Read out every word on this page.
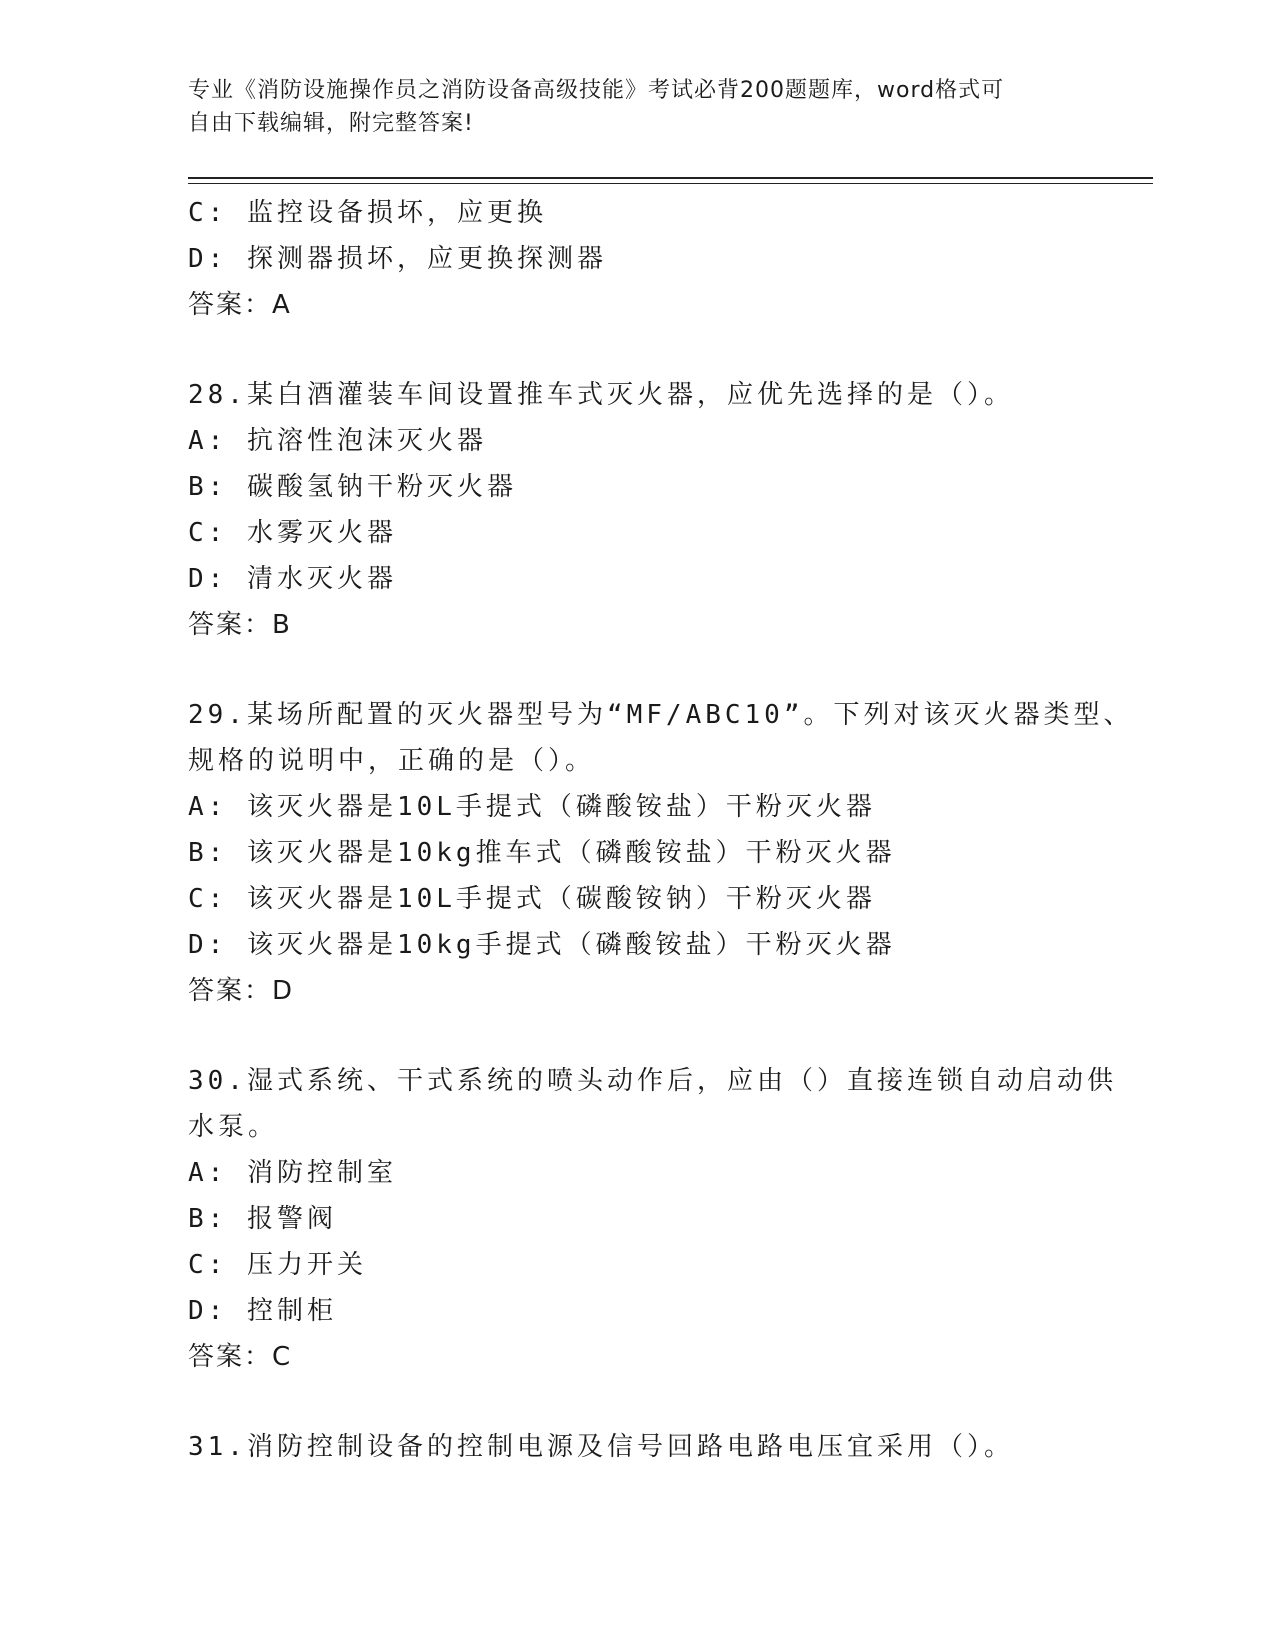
专业《消防设施操作员之消防设备高级技能》考试必背200题题库，word格式可
自由下载编辑，附完整答案!

C: 监控设备损坏，应更换

D: 探测器损坏，应更换探测器

答案：A

28.某白酒灌装车间设置推车式灭火器，应优先选择的是（）。

A: 抗溶性泡沫灭火器

B: 碳酸氢钠干粉灭火器

C: 水雾灭火器

D: 清水灭火器

答案：B

29.某场所配置的灭火器型号为“MF/ABC10”。下列对该灭火器类型、

规格的说明中，正确的是（）。

A: 该灭火器是10L手提式（磷酸铵盐）干粉灭火器

B: 该灭火器是10kg推车式（磷酸铵盐）干粉灭火器

C: 该灭火器是10L手提式（碳酸铵钠）干粉灭火器

D: 该灭火器是10kg手提式（磷酸铵盐）干粉灭火器

答案：D

30.湿式系统、干式系统的喷头动作后，应由（）直接连锁自动启动供

水泵。

A: 消防控制室

B: 报警阀

C: 压力开关

D: 控制柜

答案：C

31.消防控制设备的控制电源及信号回路电路电压宜采用（）。
